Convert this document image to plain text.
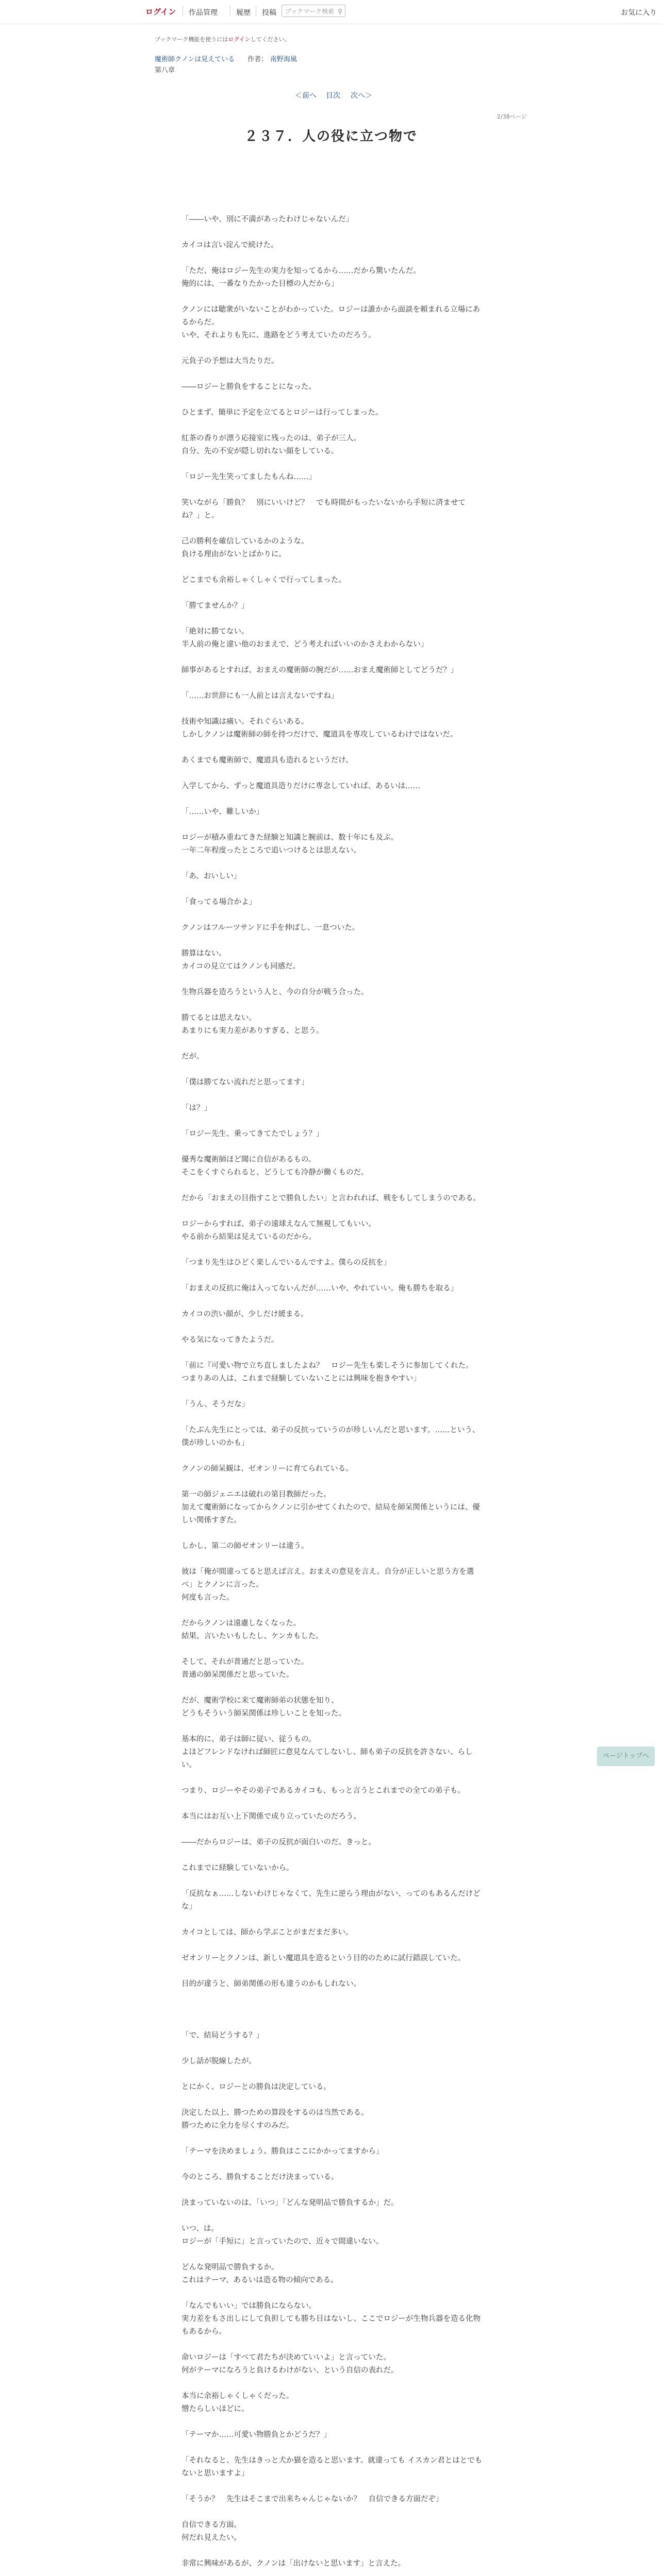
ログイン 作品管理	履歴 投稿	ブックマーク検索 ⚲	お気に入り
ブックマーク機能を使うにはログインしてください。
魔術師クノンは見えている 作者： 南野海風
第八章
＜前へ 目次 次へ＞
2/38ページ
２３７．人の役に立つ物で

「――いや、別に不満があったわけじゃないんだ」

カイコは言い淀んで続けた。

「ただ、俺はロジー先生の実力を知ってるから……だから驚いたんだ。
俺的には、一番なりたかった目標の人だから」

クノンには聴衆がいないことがわかっていた。ロジーは誰かから面談を頼まれる立場にあるからだ。
いや、それよりも先に、進路をどう考えていたのだろう。

元負子の予想は大当たりだ。

――ロジーと勝負をすることになった。

ひとまず、簡単に予定を立てるとロジーは行ってしまった。

紅茶の香りが漂う応接室に残ったのは、弟子が三人。
自分、先の不安が隠し切れない顔をしている。

「ロジー先生笑ってましたもんね……」

笑いながら「勝負？　別にいいけど？　でも時間がもったいないから手短に済ませてね？」と。

己の勝利を確信しているかのような。
負ける理由がないとばかりに。

どこまでも余裕しゃくしゃくで行ってしまった。

「勝てませんか？」

「絶対に勝てない。
半人前の俺と違い他のおまえで、どう考えればいいのかさえわからない」

師事があるとすれば、おまえの魔術師の腕だが……おまえ魔術師としてどうだ？」

「……お世辞にも一人前とは言えないですね」

技術や知識は痛い。それぐらいある。
しかしクノンは魔術師の師を持つだけで、魔道具を専攻しているわけではないだ。

あくまでも魔術師で、魔道具も造れるというだけ。

入学してから、ずっと魔道具造りだけに専念していれば、あるいは……

「……いや、難しいか」

ロジーが積み重ねてきた経験と知識と腕前は、数十年にも及ぶ。
一年二年程度ったところで追いつけるとは思えない。

「あ、おいしい」

「食ってる場合かよ」

クノンはフルーツサンドに手を伸ばし、一息ついた。

勝算はない。
カイコの見立てはクノンも同感だ。

生物兵器を造ろうという人と、今の自分が戦う合った。

勝てるとは思えない。
あまりにも実力差がありすぎる、と思う。

だが。

「僕は勝てない流れだと思ってます」

「は？」

「ロジー先生、乗ってきてたでしょう？」

優秀な魔術師ほど聞に自信があるもの。
そこをくすぐられると、どうしても冷静が働くものだ。

だから「おまえの目指すことで勝負したい」と言われれば、戦をもしてしまうのである。

ロジーからすれば、弟子の遠球えなんて無視してもいい。
やる前から結果は見えているのだから。

「つまり先生はひどく楽しんでいるんですよ。僕らの反抗を」

「おまえの反抗に俺は入ってないんだが……いや、やれていい。俺も勝ちを取る」

カイコの渋い顔が、少しだけ緩まる。

やる気になってきたようだ。

「前に『可愛い物で立ち直しましたよね？　ロジー先生も楽しそうに参加してくれた。
つまりあの人は、これまで経験していないことには興味を抱きやすい」

「うん、そうだな」

「たぶん先生にとっては、弟子の反抗っていうのが珍しいんだと思います。……という、僕が珍しいのかも」

クノンの師呆観は、ゼオンリーに育てられている。

第一の師ジェニエは破れの第目教師だった。
加えて魔術師になってからクノンに引かせてくれたので、結局を師呆関係というには、優しい関係すぎた。

しかし、第二の師ゼオンリーは違う。

彼は「俺が間違ってると思えば言え。おまえの意見を言え。自分が正しいと思う方を選べ」とクノンに言った。
何度も言った。

だからクノンは遠慮しなくなった。
結果、言いたいもしたし、ケンカもした。

そして、それが普通だと思っていた。
普通の師呆関係だと思っていた。

だが、魔術学校に来て魔術師弟の状態を知り、
どうもそういう師呆関係は珍しいことを知った。

基本的に、弟子は師に従い、従うもの。
よほどフレンドなければ師匠に意見なんてしないし、師も弟子の反抗を許さない、らしい。

つまり、ロジーやその弟子であるカイコも、もっと言うとこれまでの全ての弟子も。

本当にはお互い上下関係で成り立っていたのだろう。

――だからロジーは、弟子の反抗が面白いのだ。きっと。

これまでに経験していないから。

「反抗なぁ……しないわけじゃなくて、先生に逆らう理由がない、ってのもあるんだけどな」

カイコとしては、師から学ぶことがまだまだ多い。

ゼオンリーとクノンは、新しい魔道具を造るという目的のために試行錯誤していた。

目的が違うと、師弟関係の形も違うのかもしれない。

「で、結局どうする？」

少し話が脱線したが。

とにかく、ロジーとの勝負は決定している。

決定した以上、勝つための算段をするのは当然である。
勝つために全力を尽くすのみだ。

「テーマを決めましょう。勝負はここにかかってますから」

今のところ、勝負することだけ決まっている。

決まっていないのは、「いつ」「どんな発明品で勝負するか」だ。

いつ、は。
ロジーが「手短に」と言っていたので、近々で間違いない。

どんな発明品で勝負するか。
これはテーマ、あるいは造る物の傾向である。

「なんでもいい」では勝負にならない。
実力差をもさ出しにして負担しても勝ち目はないし、ここでロジーが生物兵器を造る化物もあるから。

命いロジーは「すべて君たちが決めていいよ」と言っていた。
何がテーマになろうと負けるわけがない、という自信の表れだ。

本当に余裕しゃくしゃくだった。
憎たらしいほどに。

「テーマか……可愛い物勝負とかどうだ？」

「それなると、先生はきっと犬か猫を造ると思います。就違っても イスカン君とはとでもないと思いますよ」

「そうか？　先生はそこまで出来ちゃんじゃないか？　自信できる方面だぞ」

自信できる方面。
何だれ見えたい。

非常に興味があるが、クノンは「出けないと思います」と言えた。

ページトップへ
